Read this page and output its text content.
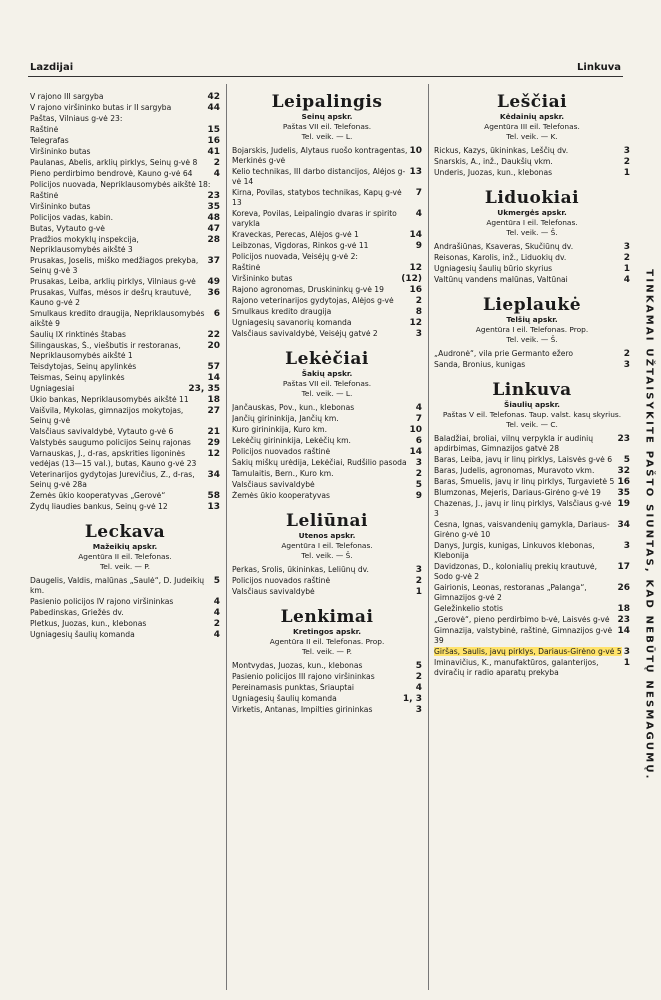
Lazdijai	Linkuva
42
V rajono III sargyba
44
V rajono viršininko butas ir II sargyba
Paštas, Vilniaus g-vė 23:
15
Raštinė
16
Telegrafas
41
Viršininko butas
2
Paulanas, Abelis, arklių pirklys, Seinų g-vė 8
4
Pieno perdirbimo bendrovė, Kauno g-vė 64
Policijos nuovada, Nepriklausomybės aikštė 18:
23
Raštinė
35
Viršininko butas
48
Policijos vadas, kabin.
47
Butas, Vytauto g-vė
28
Pradžios mokyklų inspekcija, Nepriklausomybės aikštė 3
37
Prusakas, Joselis, miško medžiagos prekyba, Seinų g-vė 3
49
Prusakas, Leiba, arklių pirklys, Vilniaus g-vė
36
Prusakas, Vulfas, mėsos ir dešrų krautuvė, Kauno g-vė 2
6
Smulkaus kredito draugija, Nepriklausomybės aikštė 9
22
Šaulių IX rinktinės štabas
20
Šilingauskas, Š., viešbutis ir restoranas, Nepriklausomybės aikštė 1
57
Teisdytojas, Seinų apylinkės
14
Teismas, Seinų apylinkės
23, 35
Ugniagesiai
18
Ūkio bankas, Nepriklausomybės aikštė 11
27
Vaišvila, Mykolas, gimnazijos mokytojas, Seinų g-vė
21
Valsčiaus savivaldybė, Vytauto g-vė 6
29
Valstybės saugumo policijos Seinų rajonas
12
Varnauskas, J., d-ras, apskrities ligoninės vedėjas (13—15 val.), butas, Kauno g-vė 23
34
Veterinarijos gydytojas Jurevičius, Z., d-ras, Seinų g-vė 28a
58
Žemės ūkio kooperatyvas „Gerovė“
13
Žydų liaudies bankus, Seinų g-vė 12
Leckava
Mažeikių apskr.
Agentūra II eil. Telefonas.
Tel. veik. — P.
5
Daugelis, Valdis, malūnas „Saulė“, D. Judeikių km.
4
Pasienio policijos IV rajono viršininkas
4
Pabedinskas, Griežės dv.
2
Pletkus, Juozas, kun., klebonas
4
Ugniagesių šaulių komanda
Leipalingis
Seinų apskr.
Paštas VII eil. Telefonas.
Tel. veik. — L.
10
Bojarskis, Judelis, Alytaus ruošo kontragentas, Merkinės g-vė
13
Kelio technikas, III darbo distancijos, Alėjos g-vė 14
7
Kirna, Povilas, statybos technikas, Kapų g-vė 13
4
Koreva, Povilas, Leipalingio dvaras ir spirito varykla
14
Kraveckas, Perecas, Alėjos g-vė 1
9
Leibzonas, Vigdoras, Rinkos g-vė 11
Policijos nuovada, Veisėjų g-vė 2:
12
Raštinė
(12)
Viršininko butas
16
Rajono agronomas, Druskininkų g-vė 19
2
Rajono veterinarijos gydytojas, Alėjos g-vė
8
Smulkaus kredito draugija
12
Ugniagesių savanorių komanda
3
Valsčiaus savivaldybė, Veisėjų gatvė 2
Lekėčiai
Šakių apskr.
Paštas VII eil. Telefonas.
Tel. veik. — L.
4
Jančauskas, Pov., kun., klebonas
7
Jančių girininkija, Jančių km.
10
Kuro girininkija, Kuro km.
6
Lekėčių girininkija, Lekėčių km.
14
Policijos nuovados raštinė
3
Šakių miškų urėdija, Lekėčiai, Rudšilio pasoda
2
Tamulaitis, Bern., Kuro km.
5
Valsčiaus savivaldybė
9
Žemės ūkio kooperatyvas
Leliūnai
Utenos apskr.
Agentūra I eil. Telefonas.
Tel. veik. — Š.
3
Perkas, Srolis, ūkininkas, Leliūnų dv.
2
Policijos nuovados raštinė
1
Valsčiaus savivaldybė
Lenkimai
Kretingos apskr.
Agentūra II eil. Telefonas. Prop.
Tel. veik. — P.
5
Montvydas, Juozas, kun., klebonas
2
Pasienio policijos III rajono viršininkas
4
Pereinamasis punktas, Šriauptai
1, 3
Ugniagesių šaulių komanda
3
Virketis, Antanas, Impilties girininkas
Leščiai
Kėdainių apskr.
Agentūra III eil. Telefonas.
Tel. veik. — K.
3
Rickus, Kazys, ūkininkas, Leščių dv.
2
Snarskis, A., inž., Daukšių vkm.
1
Underis, Juozas, kun., klebonas
Liduokiai
Ukmergės apskr.
Agentūra I eil. Telefonas.
Tel. veik. — Š.
3
Andrašiūnas, Ksaveras, Skučiūnų dv.
2
Reisonas, Karolis, inž., Liduokių dv.
1
Ugniagesių šaulių būrio skyrius
4
Valtūnų vandens malūnas, Valtūnai
Lieplaukė
Telšių apskr.
Agentūra I eil. Telefonas. Prop.
Tel. veik. — Š.
2
„Audronė“, vila prie Germanto ežero
3
Sanda, Bronius, kunigas
Linkuva
Šiaulių apskr.
Paštas V eil. Telefonas. Taup. valst. kasų skyrius.
Tel. veik. — C.
23
Baladžiai, broliai, vilnų verpykla ir audinių apdirbimas, Gimnazijos gatvė 28
5
Baras, Leiba, javų ir linų pirklys, Laisvės g-vė 6
32
Baras, Judelis, agronomas, Muravoto vkm.
16
Baras, Šmuelis, javų ir linų pirklys, Turgavietė 5
35
Blumzonas, Mejeris, Dariaus-Girėno g-vė 19
19
Chazenas, J., javų ir linų pirklys, Valsčiaus g-vė 3
34
Česna, Ignas, vaisvandenių gamykla, Dariaus-Girėno g-vė 10
3
Danys, Jurgis, kunigas, Linkuvos klebonas, Klebonija
17
Davidzonas, D., kolonialių prekių krautuvė, Sodo g-vė 2
26
Gairionis, Leonas, restoranas „Palanga“, Gimnazijos g-vė 2
18
Geležinkelio stotis
23
„Gerovė“, pieno perdirbimo b-vė, Laisvės g-vė
14
Gimnazija, valstybinė, raštinė, Gimnazijos g-vė 39
3
Giršas, Saulis, javų pirklys, Dariaus-Girėno g-vė 5
1
Iminavičius, K., manufaktūros, galanterijos, dviračių ir radio aparatų prekyba	TINKAMAI UŽTAISYKITE PAŠTO SIUNTAS, KAD NEBŪTŲ NESMAGUMŲ.
